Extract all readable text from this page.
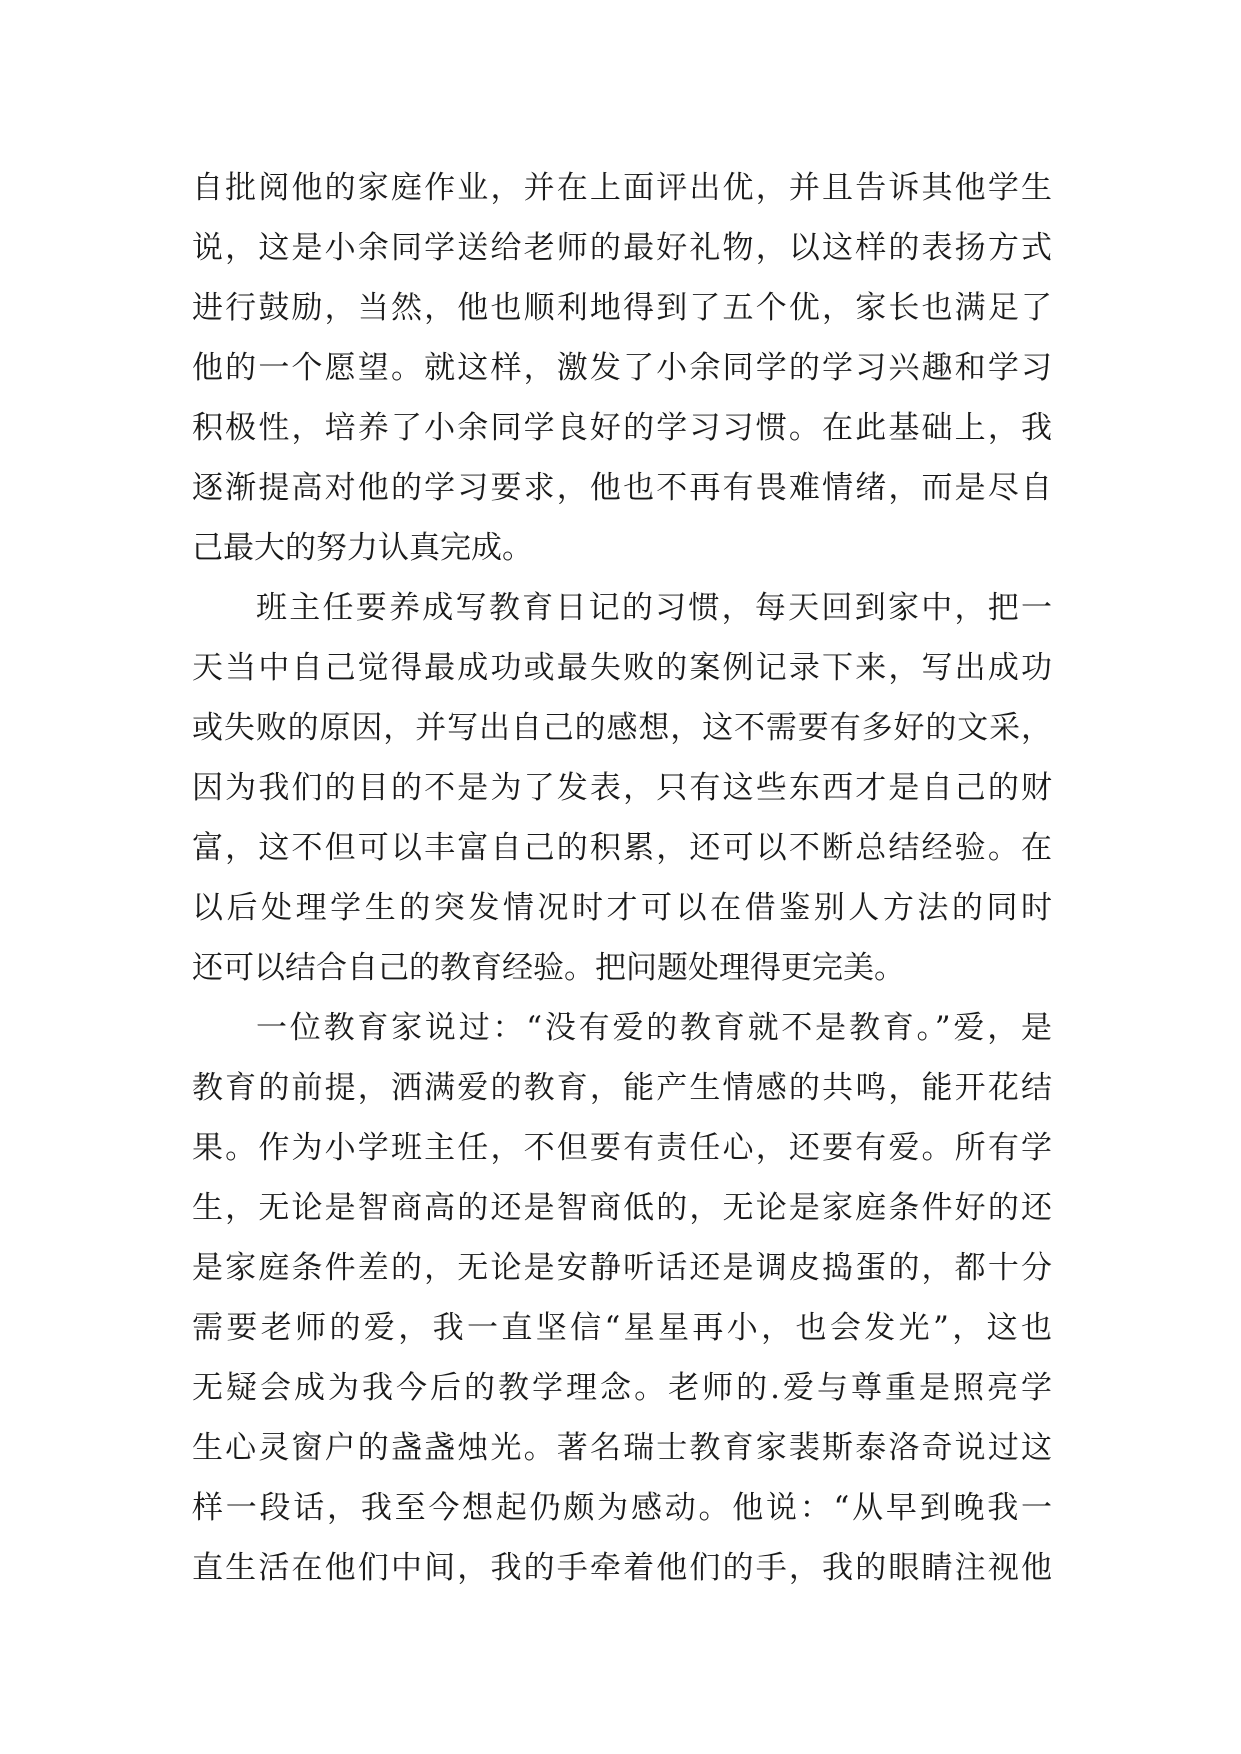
自批阅他的家庭作业，并在上面评出优，并且告诉其他学生
说，这是小余同学送给老师的最好礼物，以这样的表扬方式
进行鼓励，当然，他也顺利地得到了五个优，家长也满足了
他的一个愿望。就这样，激发了小余同学的学习兴趣和学习
积极性，培养了小余同学良好的学习习惯。在此基础上，我
逐渐提高对他的学习要求，他也不再有畏难情绪，而是尽自
己最大的努力认真完成。
班主任要养成写教育日记的习惯，每天回到家中，把一
天当中自己觉得最成功或最失败的案例记录下来，写出成功
或失败的原因，并写出自己的感想，这不需要有多好的文采，
因为我们的目的不是为了发表，只有这些东西才是自己的财
富，这不但可以丰富自己的积累，还可以不断总结经验。在
以后处理学生的突发情况时才可以在借鉴别人方法的同时
还可以结合自己的教育经验。把问题处理得更完美。
一位教育家说过：“没有爱的教育就不是教育。”爱，是
教育的前提，洒满爱的教育，能产生情感的共鸣，能开花结
果。作为小学班主任，不但要有责任心，还要有爱。所有学
生，无论是智商高的还是智商低的，无论是家庭条件好的还
是家庭条件差的，无论是安静听话还是调皮捣蛋的，都十分
需要老师的爱，我一直坚信“星星再小，也会发光”，这也
无疑会成为我今后的教学理念。老师的.爱与尊重是照亮学
生心灵窗户的盏盏烛光。著名瑞士教育家裴斯泰洛奇说过这
样一段话，我至今想起仍颇为感动。他说：“从早到晚我一
直生活在他们中间，我的手牵着他们的手，我的眼睛注视他
